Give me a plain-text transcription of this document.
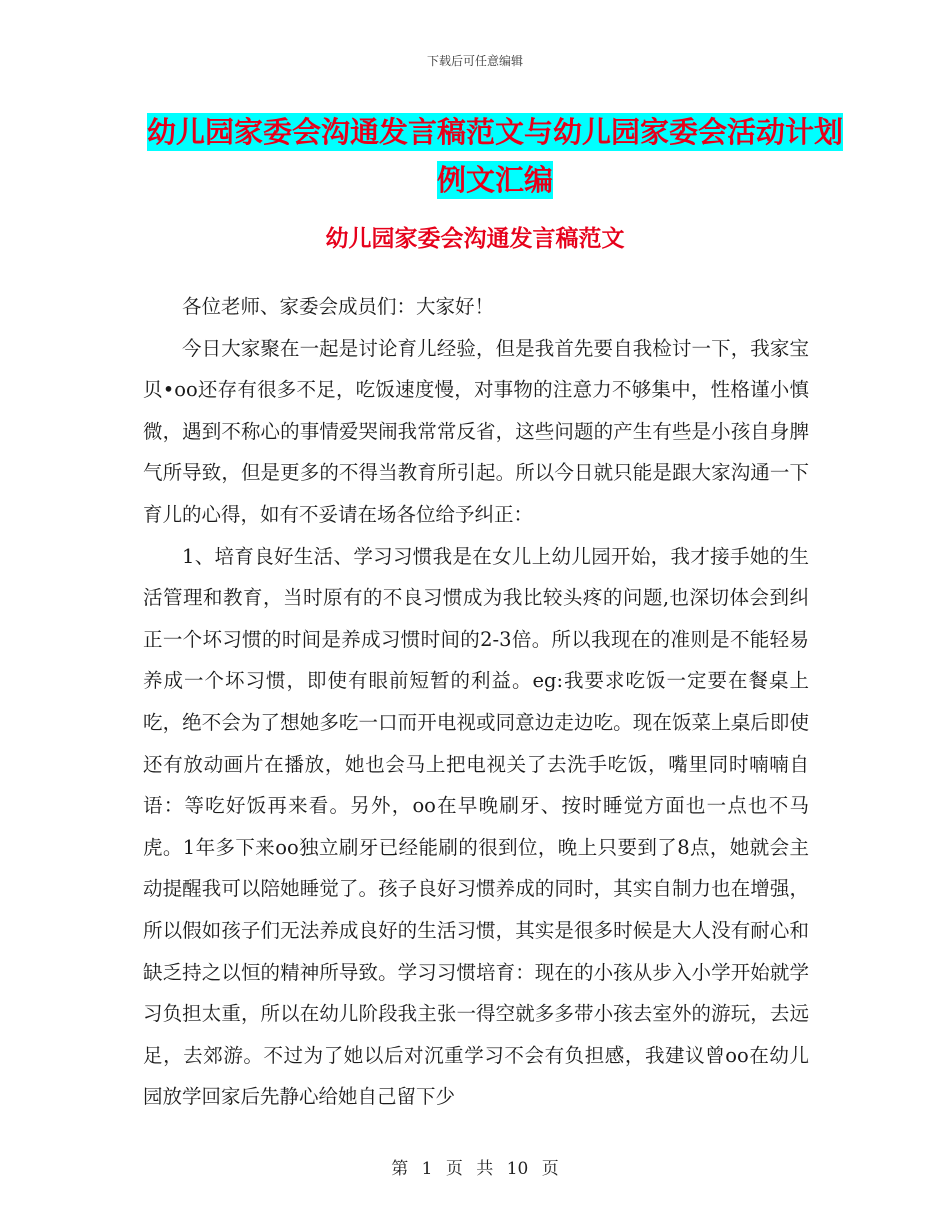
下载后可任意编辑
幼儿园家委会沟通发言稿范文与幼儿园家委会活动计划例文汇编
幼儿园家委会沟通发言稿范文

各位老师、家委会成员们：大家好！

今日大家聚在一起是讨论育儿经验，但是我首先要自我检讨一下，我家宝贝•oo还存有很多不足，吃饭速度慢，对事物的注意力不够集中，性格谨小慎微，遇到不称心的事情爱哭闹我常常反省，这些问题的产生有些是小孩自身脾气所导致，但是更多的不得当教育所引起。所以今日就只能是跟大家沟通一下育儿的心得，如有不妥请在场各位给予纠正：

1、培育良好生活、学习习惯我是在女儿上幼儿园开始，我才接手她的生活管理和教育，当时原有的不良习惯成为我比较头疼的问题,也深切体会到纠正一个坏习惯的时间是养成习惯时间的2-3倍。所以我现在的准则是不能轻易养成一个坏习惯，即使有眼前短暂的利益。eg:我要求吃饭一定要在餐桌上吃，绝不会为了想她多吃一口而开电视或同意边走边吃。现在饭菜上桌后即使还有放动画片在播放，她也会马上把电视关了去洗手吃饭，嘴里同时喃喃自语：等吃好饭再来看。另外，oo在早晚刷牙、按时睡觉方面也一点也不马虎。1年多下来oo独立刷牙已经能刷的很到位，晚上只要到了8点，她就会主动提醒我可以陪她睡觉了。孩子良好习惯养成的同时，其实自制力也在增强，所以假如孩子们无法养成良好的生活习惯，其实是很多时候是大人没有耐心和缺乏持之以恒的精神所导致。学习习惯培育：现在的小孩从步入小学开始就学习负担太重，所以在幼儿阶段我主张一得空就多多带小孩去室外的游玩，去远足，去郊游。不过为了她以后对沉重学习不会有负担感，我建议曾oo在幼儿园放学回家后先静心给她自己留下少

第 1 页 共 10 页
